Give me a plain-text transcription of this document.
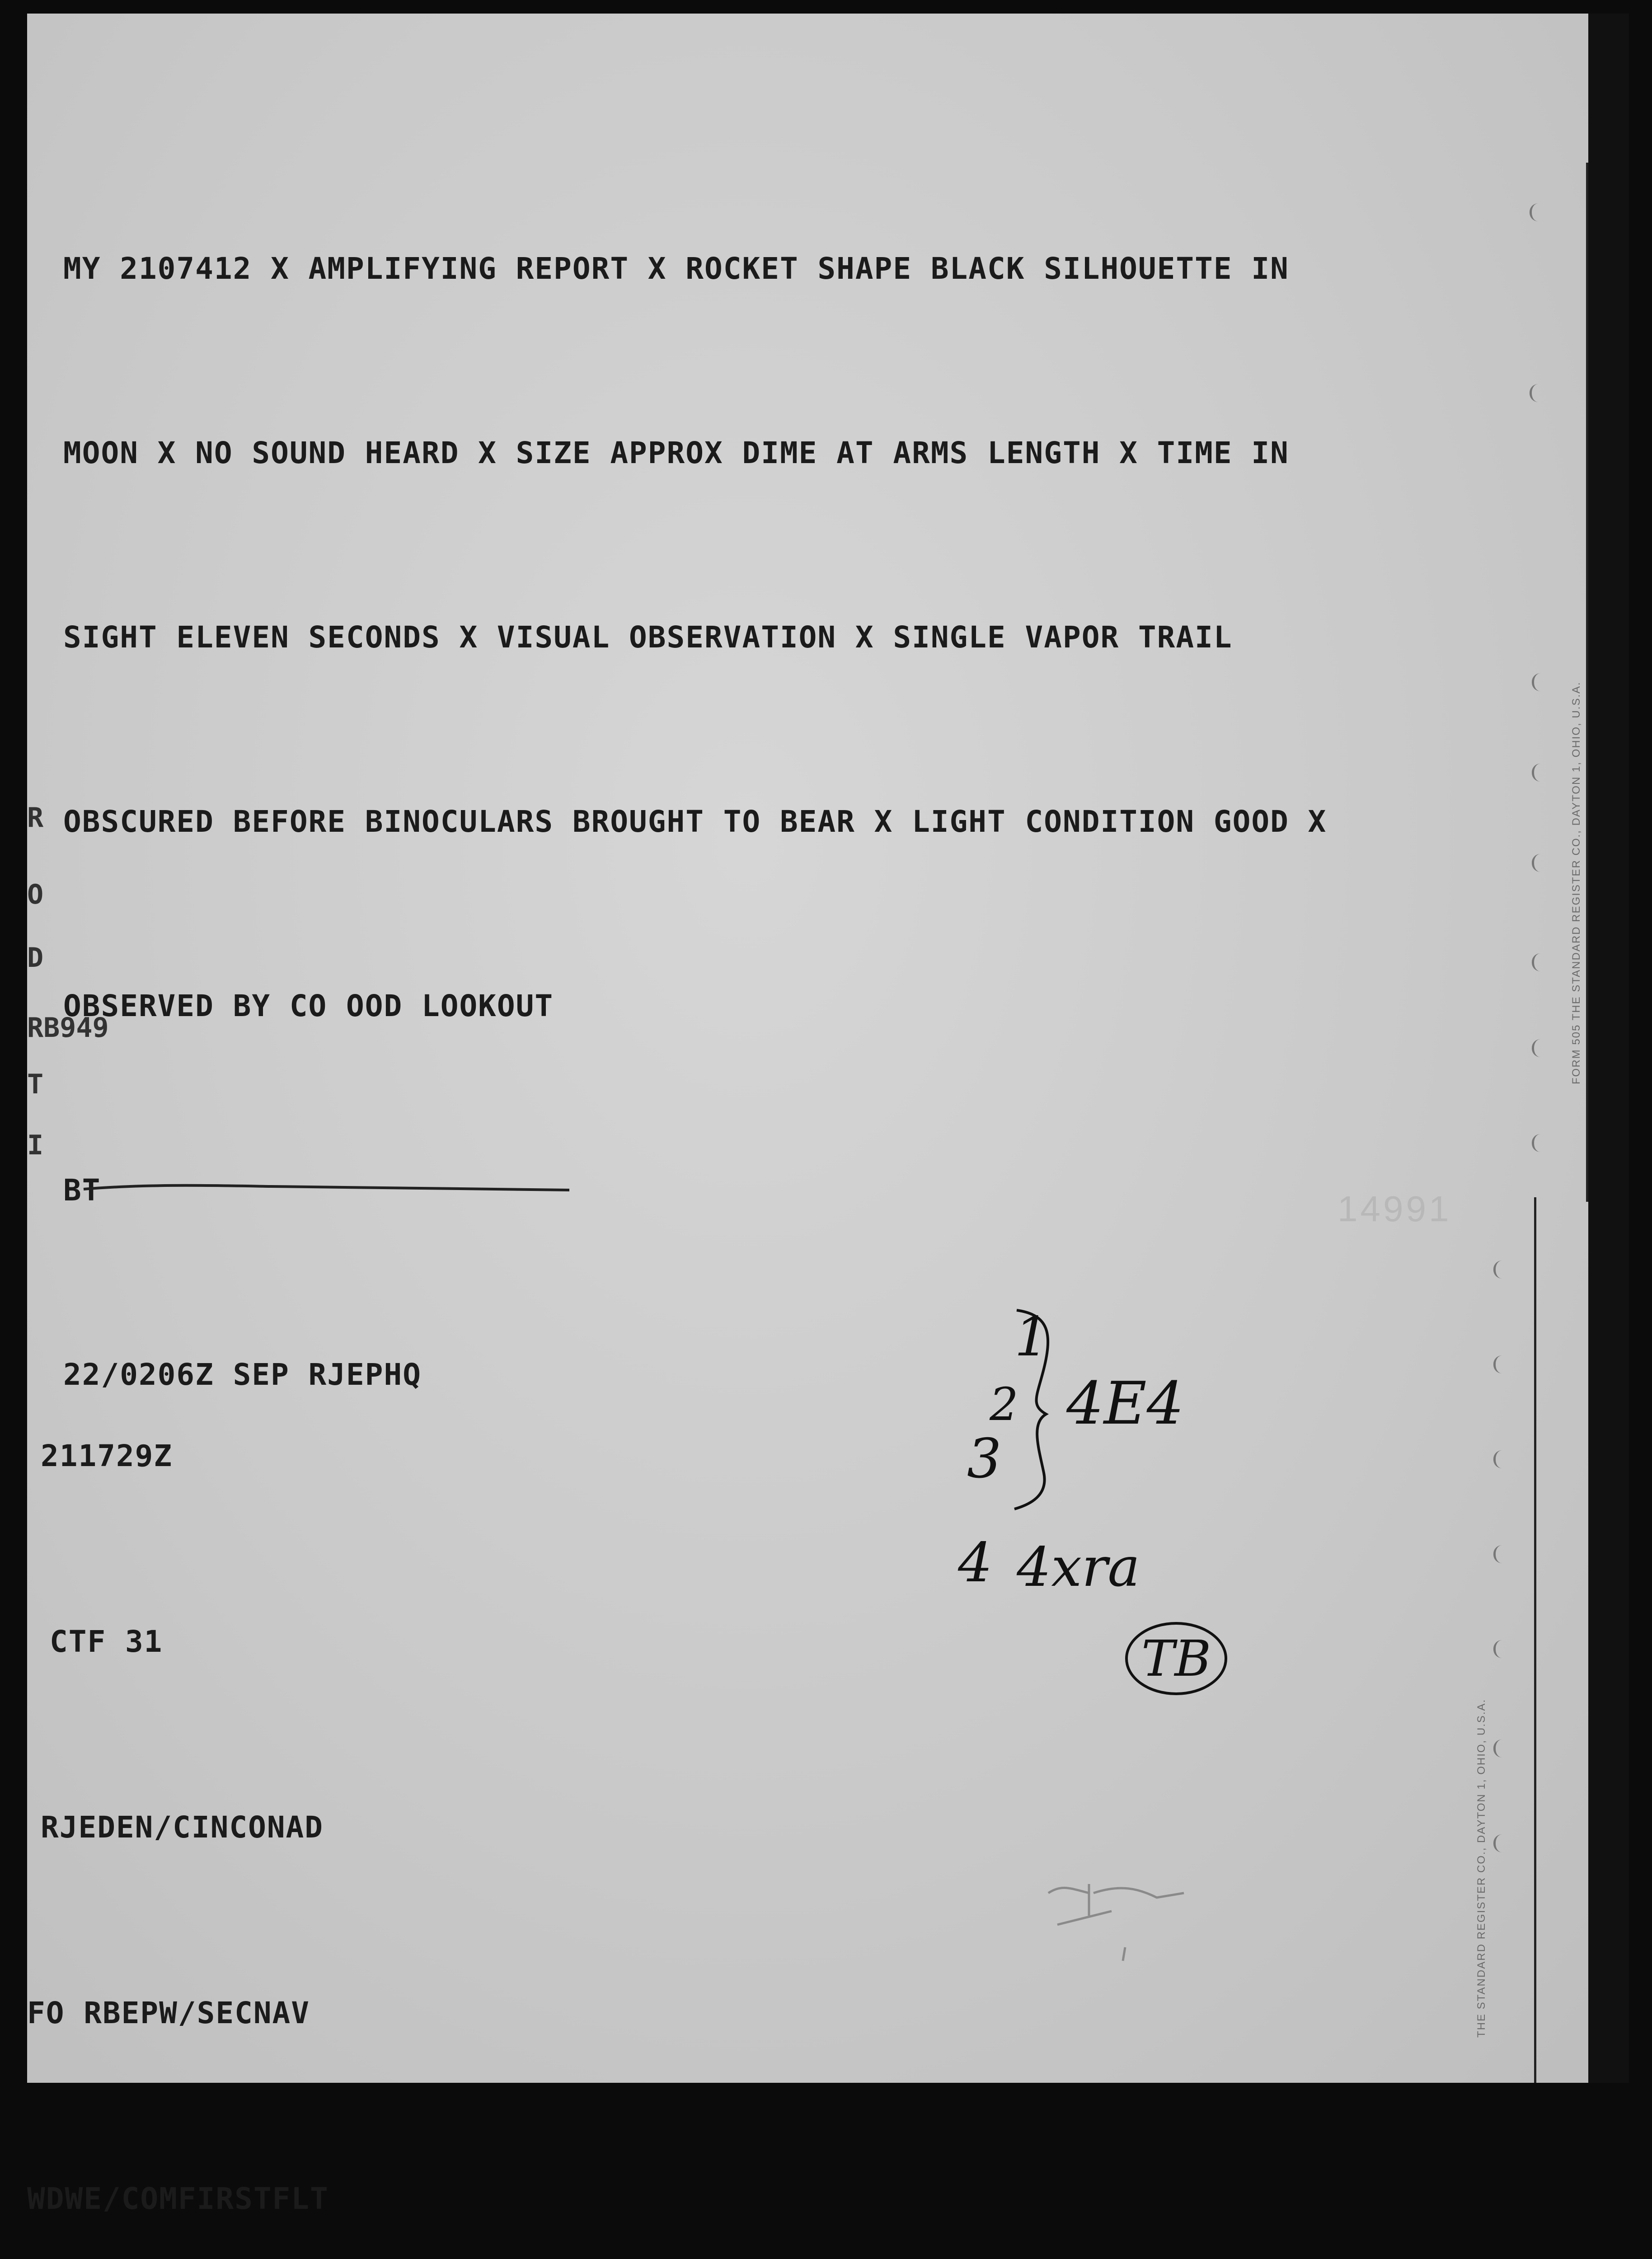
MY 2107412 X AMPLIFYING REPORT X ROCKET SHAPE BLACK SILHOUETTE IN

MOON X NO SOUND HEARD X SIZE APPROX DIME AT ARMS LENGTH X TIME IN

SIGHT ELEVEN SECONDS X VISUAL OBSERVATION X SINGLE VAPOR TRAIL

OBSCURED BEFORE BINOCULARS BROUGHT TO BEAR X LIGHT CONDITION GOOD X

OBSERVED BY CO OOD LOOKOUT

BT

22/0206Z SEP RJEPHQ

R
O
D
RB949
T
I
14991

211729Z

CTF 31

RJEDEN/CINCONAD

FO RBEPW/SECNAV

WDWE/COMFIRSTFLT

1
2
3
4E4
4 4xra
TB
FORM 505 THE STANDARD REGISTER CO., DAYTON 1, OHIO, U.S.A.
THE STANDARD REGISTER CO., DAYTON 1, OHIO, U.S.A.
